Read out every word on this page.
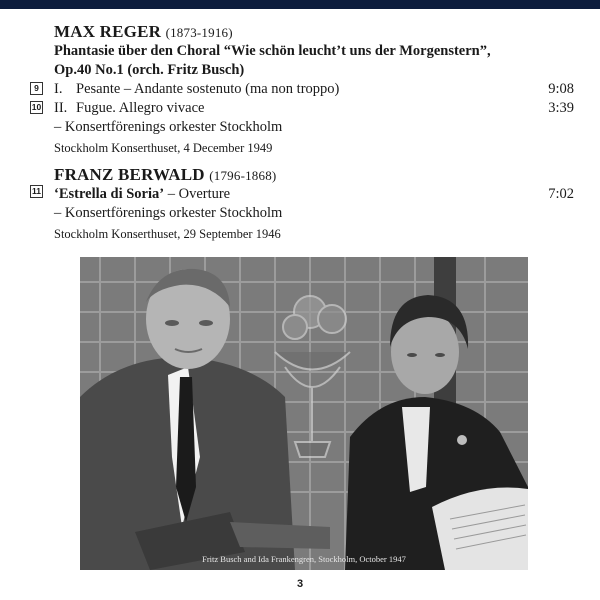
MAX REGER (1873-1916)
Phantasie über den Choral “Wie schön leucht’t uns der Morgenstern”,
Op.40 No.1 (orch. Fritz Busch)
I. Pesante – Andante sostenuto (ma non troppo)	9:08
II. Fugue. Allegro vivace	3:39
– Konsertförenings orkester Stockholm
Stockholm Konserthuset, 4 December 1949
9
10
FRANZ BERWALD (1796-1868)
‘Estrella di Soria’ – Overture	7:02
– Konsertförenings orkester Stockholm
Stockholm Konserthuset, 29 September 1946
11
Fritz Busch and Ida Frankengren, Stockholm, October 1947
3
